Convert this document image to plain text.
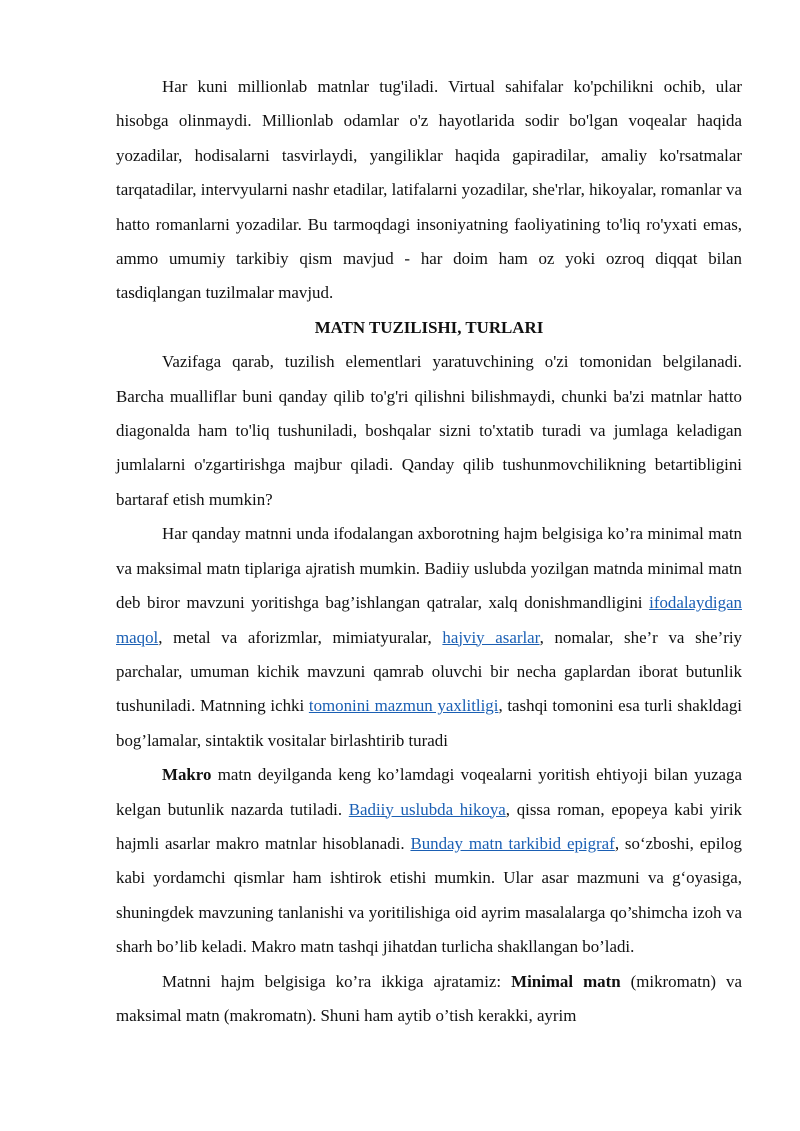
Har kuni millionlab matnlar tug'iladi. Virtual sahifalar ko'pchilikni ochib, ular hisobga olinmaydi. Millionlab odamlar o'z hayotlarida sodir bo'lgan voqealar haqida yozadilar, hodisalarni tasvirlaydi, yangiliklar haqida gapiradilar, amaliy ko'rsatmalar tarqatadilar, intervyularni nashr etadilar, latifalarni yozadilar, she'rlar, hikoyalar, romanlar va hatto romanlarni yozadilar. Bu tarmoqdagi insoniyatning faoliyatining to'liq ro'yxati emas, ammo umumiy tarkibiy qism mavjud - har doim ham oz yoki ozroq diqqat bilan tasdiqlangan tuzilmalar mavjud.

MATN TUZILISHI, TURLARI

Vazifaga qarab, tuzilish elementlari yaratuvchining o'zi tomonidan belgilanadi. Barcha mualliflar buni qanday qilib to'g'ri qilishni bilishmaydi, chunki ba'zi matnlar hatto diagonalda ham to'liq tushuniladi, boshqalar sizni to'xtatib turadi va jumlaga keladigan jumlalarni o'zgartirishga majbur qiladi. Qanday qilib tushunmovchilikning betartibligini bartaraf etish mumkin?

Har qanday matnni unda ifodalangan axborotning hajm belgisiga ko’ra minimal matn va maksimal matn tiplariga ajratish mumkin. Badiiy uslubda yozilgan matnda minimal matn deb biror mavzuni yoritishga bag’ishlangan qatralar, xalq donishmandligini ifodalaydigan maqol, metal va aforizmlar, mimiatyuralar, hajviy asarlar, nomalar, she’r va she’riy parchalar, umuman kichik mavzuni qamrab oluvchi bir necha gaplardan iborat butunlik tushuniladi. Matnning ichki tomonini mazmun yaxlitligi, tashqi tomonini esa turli shakldagi bog’lamalar, sintaktik vositalar birlashtirib turadi

Makro matn deyilganda keng ko’lamdagi voqealarni yoritish ehtiyoji bilan yuzaga kelgan butunlik nazarda tutiladi. Badiiy uslubda hikoya, qissa roman, epopeya kabi yirik hajmli asarlar makro matnlar hisoblanadi. Bunday matn tarkibid epigraf, so‘zboshi, epilog kabi yordamchi qismlar ham ishtirok etishi mumkin. Ular asar mazmuni va g‘oyasiga, shuningdek mavzuning tanlanishi va yoritilishiga oid ayrim masalalarga qo’shimcha izoh va sharh bo’lib keladi. Makro matn tashqi jihatdan turlicha shakllangan bo’ladi.

Matnni hajm belgisiga ko’ra ikkiga ajratamiz: Minimal matn (mikromatn) va maksimal matn (makromatn). Shuni ham aytib o’tish kerakki, ayrim
